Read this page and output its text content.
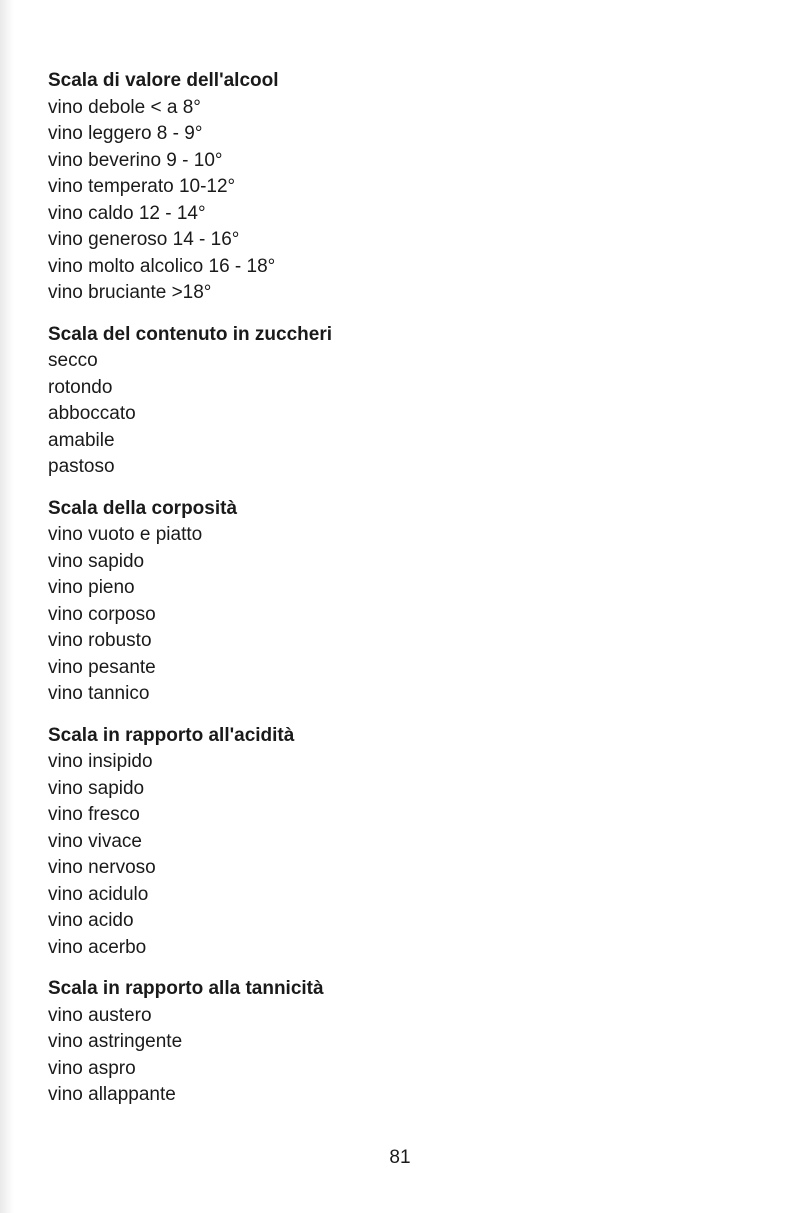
Scala di valore dell'alcool
vino debole < a 8°
vino leggero 8 - 9°
vino beverino 9 - 10°
vino temperato 10-12°
vino caldo 12 - 14°
vino generoso 14 - 16°
vino molto alcolico 16 - 18°
vino bruciante >18°
Scala del contenuto in zuccheri
secco
rotondo
abboccato
amabile
pastoso
Scala della corposità
vino vuoto e piatto
vino sapido
vino pieno
vino corposo
vino robusto
vino pesante
vino tannico
Scala in rapporto all'acidità
vino insipido
vino sapido
vino fresco
vino vivace
vino nervoso
vino acidulo
vino acido
vino acerbo
Scala in rapporto alla tannicità
vino austero
vino astringente
vino aspro
vino allappante
81
